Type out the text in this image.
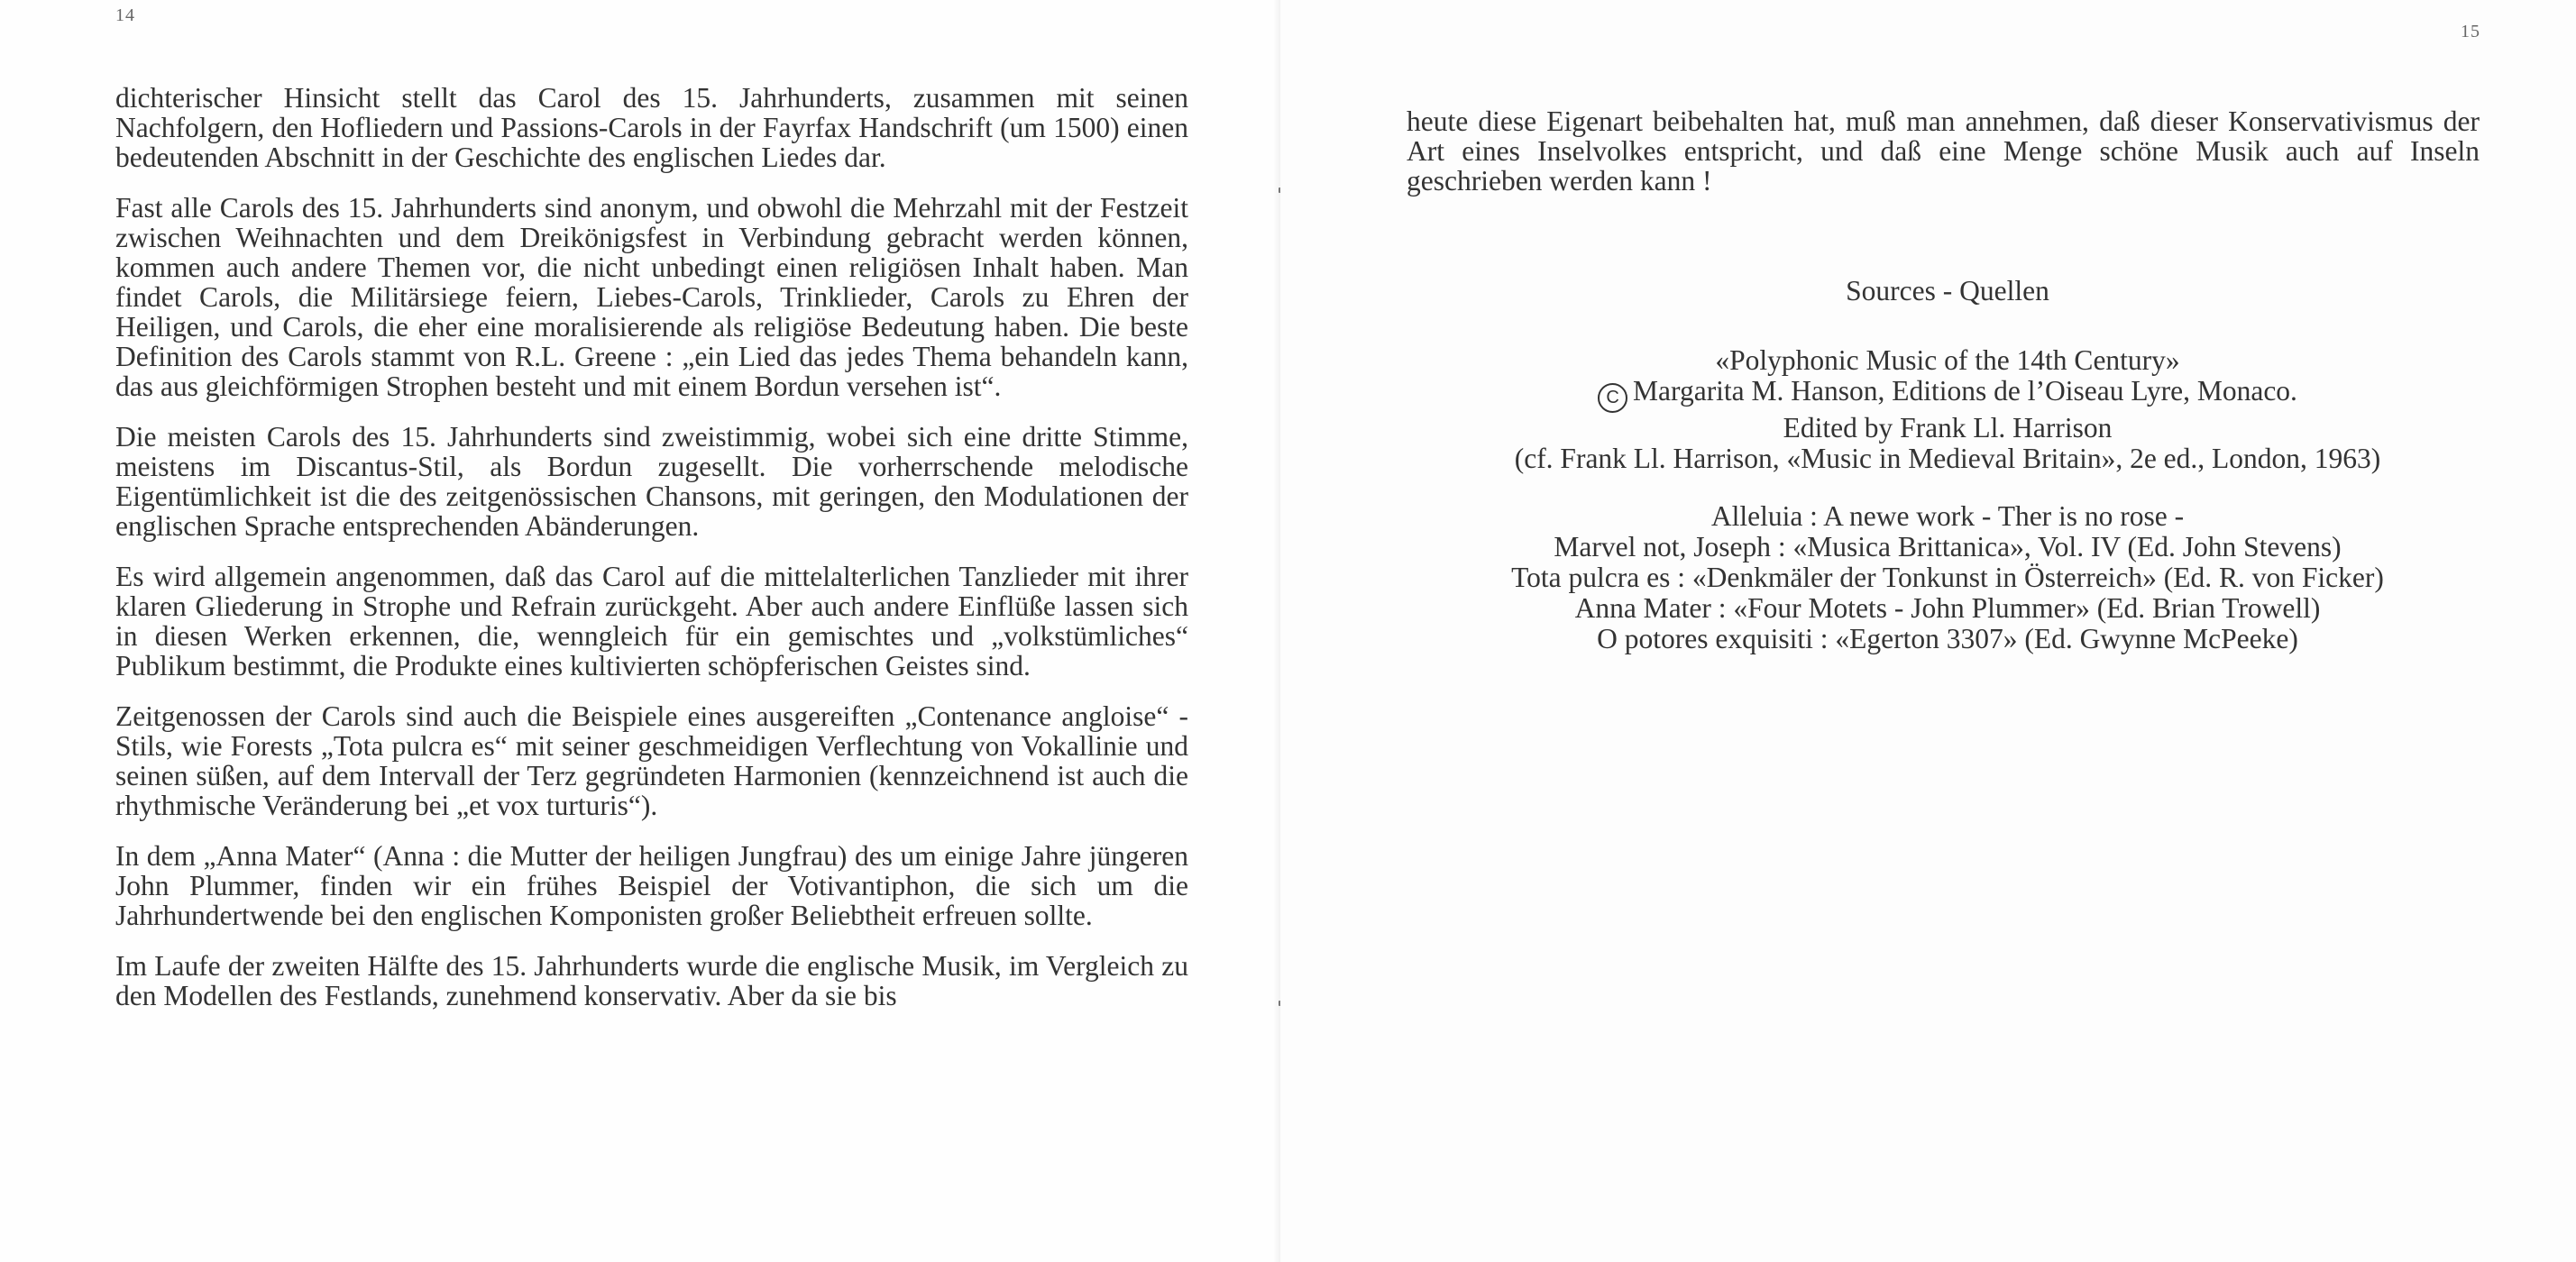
14

dichterischer Hinsicht stellt das Carol des 15. Jahrhunderts, zusammen mit seinen Nachfolgern, den Hofliedern und Passions-Carols in der Fayrfax Handschrift (um 1500) einen bedeutenden Abschnitt in der Geschichte des englischen Liedes dar.

Fast alle Carols des 15. Jahrhunderts sind anonym, und obwohl die Mehrzahl mit der Festzeit zwischen Weihnachten und dem Dreikönigsfest in Verbindung gebracht werden können, kommen auch andere Themen vor, die nicht unbedingt einen religiösen Inhalt haben. Man findet Carols, die Militärsiege feiern, Liebes-Carols, Trinklieder, Carols zu Ehren der Heiligen, und Carols, die eher eine moralisierende als religiöse Bedeutung haben. Die beste Definition des Carols stammt von R.L. Greene : „ein Lied das jedes Thema behandeln kann, das aus gleichförmigen Strophen besteht und mit einem Bordun versehen ist“.

Die meisten Carols des 15. Jahrhunderts sind zweistimmig, wobei sich eine dritte Stimme, meistens im Discantus-Stil, als Bordun zugesellt. Die vorherrschende melodische Eigentümlichkeit ist die des zeitgenössischen Chansons, mit geringen, den Modulationen der englischen Sprache entsprechenden Abänderungen.

Es wird allgemein angenommen, daß das Carol auf die mittelalterlichen Tanzlieder mit ihrer klaren Gliederung in Strophe und Refrain zurückgeht. Aber auch andere Einflüße lassen sich in diesen Werken erkennen, die, wenngleich für ein gemischtes und „volkstümliches“ Publikum bestimmt, die Produkte eines kultivierten schöpferischen Geistes sind.

Zeitgenossen der Carols sind auch die Beispiele eines ausgereiften „Contenance angloise“ -Stils, wie Forests „Tota pulcra es“ mit seiner geschmeidigen Verflechtung von Vokallinie und seinen süßen, auf dem Intervall der Terz gegründeten Harmonien (kennzeichnend ist auch die rhythmische Veränderung bei „et vox turturis“).

In dem „Anna Mater“ (Anna : die Mutter der heiligen Jungfrau) des um einige Jahre jüngeren John Plummer, finden wir ein frühes Beispiel der Votivantiphon, die sich um die Jahrhundertwende bei den englischen Komponisten großer Beliebtheit erfreuen sollte.

Im Laufe der zweiten Hälfte des 15. Jahrhunderts wurde die englische Musik, im Vergleich zu den Modellen des Festlands, zunehmend konservativ. Aber da sie bis

15
heute diese Eigenart beibehalten hat, muß man annehmen, daß dieser Konservativismus der Art eines Inselvolkes entspricht, und daß eine Menge schöne Musik auch auf Inseln geschrieben werden kann !
Sources - Quellen
«Polyphonic Music of the 14th Century»
C Margarita M. Hanson, Editions de l’Oiseau Lyre, Monaco.
Edited by Frank Ll. Harrison
(cf. Frank Ll. Harrison, «Music in Medieval Britain», 2e ed., London, 1963)
Alleluia : A newe work - Ther is no rose -
Marvel not, Joseph : «Musica Brittanica», Vol. IV (Ed. John Stevens)
Tota pulcra es : «Denkmäler der Tonkunst in Österreich» (Ed. R. von Ficker)
Anna Mater : «Four Motets - John Plummer» (Ed. Brian Trowell)
O potores exquisiti : «Egerton 3307» (Ed. Gwynne McPeeke)
